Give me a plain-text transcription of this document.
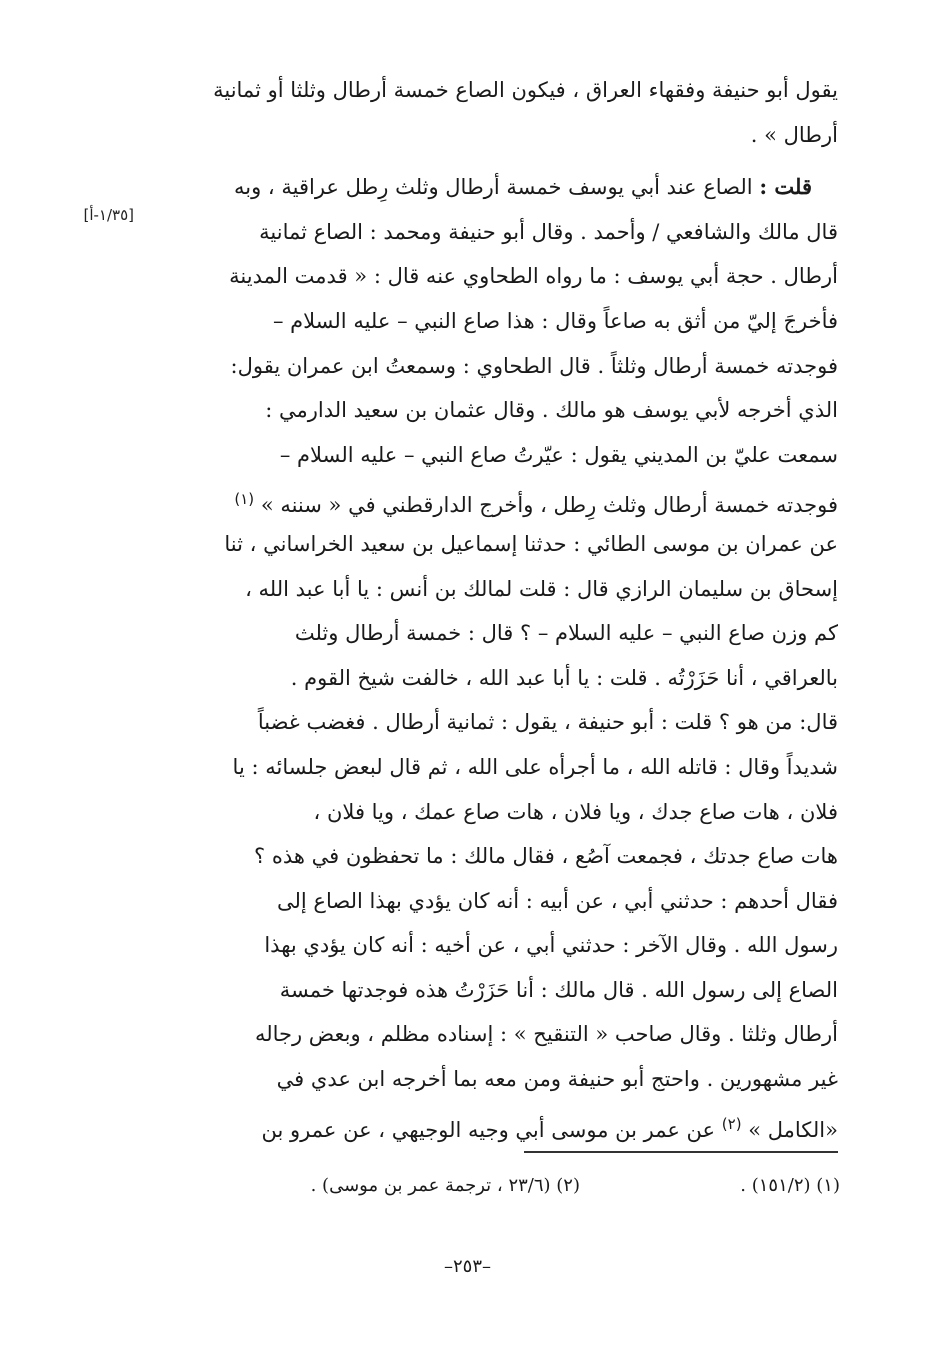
يقول أبو حنيفة وفقهاء العراق ، فيكون الصاع خمسة أرطال وثلثا أو ثمانية
أرطال » .
قلت : الصاع عند أبي يوسف خمسة أرطال وثلث رِطل عراقية ، وبه
قال مالك والشافعي / وأحمد . وقال أبو حنيفة ومحمد : الصاع ثمانية
أرطال . حجة أبي يوسف : ما رواه الطحاوي عنه قال : « قدمت المدينة
فأخرجَ إليّ من أثق به صاعاً وقال : هذا صاع النبي – عليه السلام –
فوجدته خمسة أرطال وثلثاً . قال الطحاوي : وسمعتُ ابن عمران يقول:
الذي أخرجه لأبي يوسف هو مالك . وقال عثمان بن سعيد الدارمي :
سمعت عليّ بن المديني يقول : عيّرتُ صاع النبي – عليه السلام –
فوجدته خمسة أرطال وثلث رِطل ، وأخرج الدارقطني في « سننه » $^{(١)}$
عن عمران بن موسى الطائي : حدثنا إسماعيل بن سعيد الخراساني ، ثنا
إسحاق بن سليمان الرازي قال : قلت لمالك بن أنس : يا أبا عبد الله ،
كم وزن صاع النبي – عليه السلام – ؟ قال : خمسة أرطال وثلث
بالعراقي ، أنا حَزَرْتُه . قلت : يا أبا عبد الله ، خالفت شيخ القوم .
قال: من هو ؟ قلت : أبو حنيفة ، يقول : ثمانية أرطال . فغضب غضباً
شديداً وقال : قاتله الله ، ما أجرأه على الله ، ثم قال لبعض جلسائه : يا
فلان ، هات صاع جدك ، ويا فلان ، هات صاع عمك ، ويا فلان ،
هات صاع جدتك ، فجمعت آصُع ، فقال مالك : ما تحفظون في هذه ؟
فقال أحدهم : حدثني أبي ، عن أبيه : أنه كان يؤدي بهذا الصاع إلى
رسول الله . وقال الآخر : حدثني أبي ، عن أخيه : أنه كان يؤدي بهذا
الصاع إلى رسول الله . قال مالك : أنا حَزَرْتُ هذه فوجدتها خمسة
أرطال وثلثا . وقال صاحب « التنقيح » : إسناده مظلم ، وبعض رجاله
غير مشهورين . واحتج أبو حنيفة ومن معه بما أخرجه ابن عدي في
«الكامل » $^{(٢)}$ عن عمر بن موسى أبي وجيه الوجيهي ، عن عمرو بن
[١/٣٥-أ]
(١) (١٥١/٢) .
(٢) (٢٣/٦ ، ترجمة عمر بن موسى) .
–٢٥٣–
